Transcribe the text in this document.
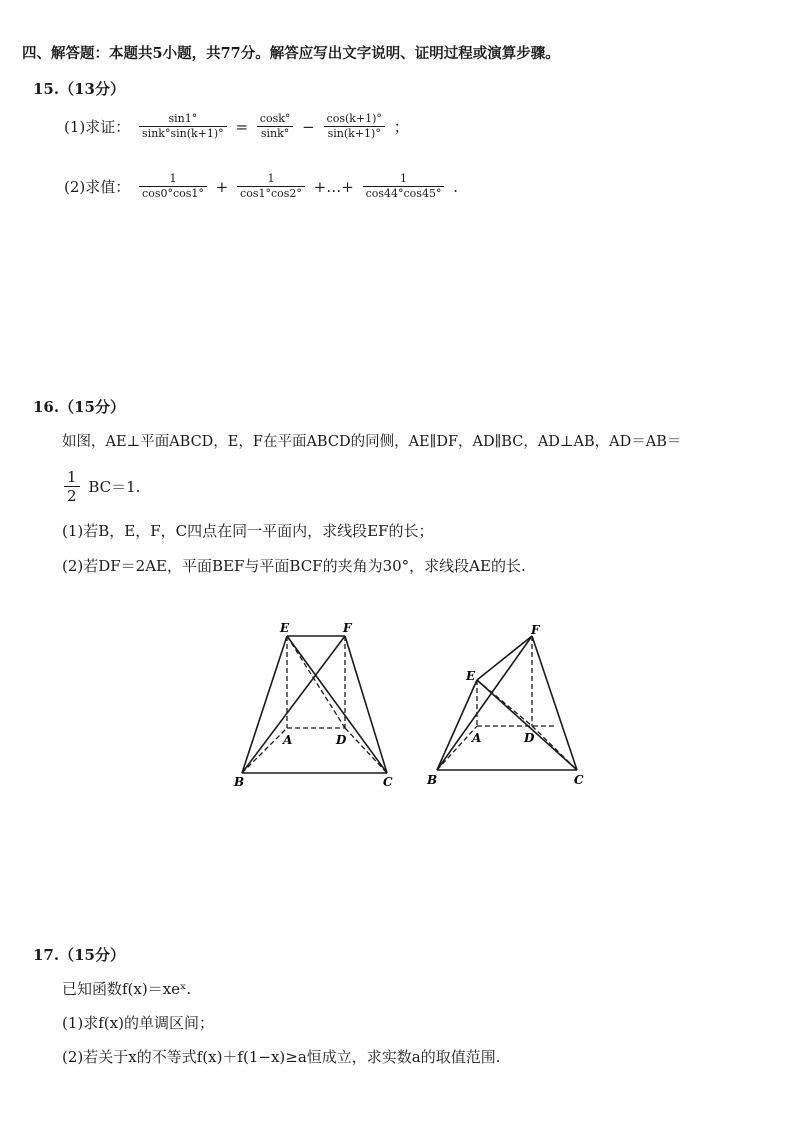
四、解答题：本题共5小题，共77分。解答应写出文字说明、证明过程或演算步骤。
15.（13分）
(1)求证： $\frac{\sin 1^\circ}{\sin k^\circ\sin(k+1)^\circ} = \frac{\cos k^\circ}{\sin k^\circ} - \frac{\cos(k+1)^\circ}{\sin(k+1)^\circ}$ ；
(2)求值： $\frac{1}{\cos 0^\circ\cos 1^\circ} + \frac{1}{\cos 1^\circ\cos 2^\circ}$ +…+ $\frac{1}{\cos 44^\circ\cos 45^\circ}$ .
16.（15分）
如图，AE⊥平面ABCD，E，F在平面ABCD的同侧，AE∥DF，AD∥BC，AD⊥AB，AD＝AB＝
$\frac{1}{2} BC=1$.
(1)若B，E，F，C四点在同一平面内，求线段EF的长；
(2)若DF＝2AE，平面BEF与平面BCF的夹角为30°，求线段AE的长.
E	F
A	D
B	C
E
F
A	D
B	C
17.（15分）
已知函数f(x)＝xeˣ.
(1)求f(x)的单调区间；
(2)若关于x的不等式f(x)＋f(1−x)≥a恒成立，求实数a的取值范围.
